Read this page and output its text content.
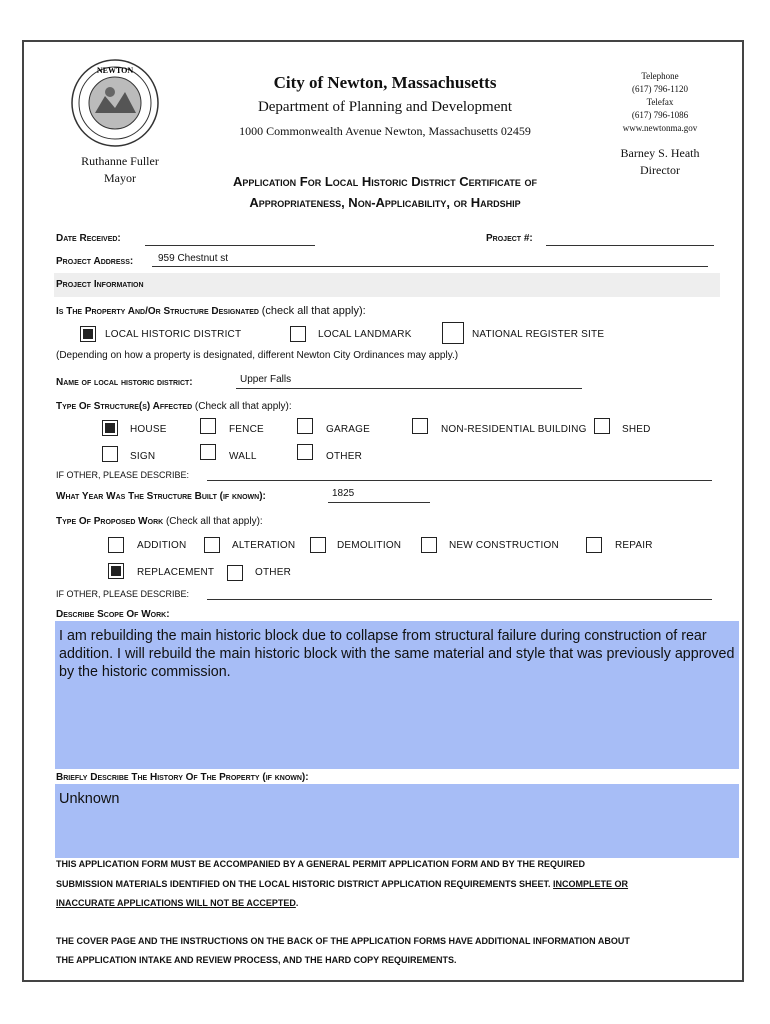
NEWTON
Ruthanne Fuller
Mayor
City of Newton, Massachusetts
Department of Planning and Development
1000 Commonwealth Avenue Newton, Massachusetts 02459
Telephone
(617) 796-1120
Telefax
(617) 796-1086
www.newtonma.gov
Barney S. Heath
Director
Application For Local Historic District Certificate of
Appropriateness, Non-Applicability, or Hardship
Date Received:	Project #:
Project Address: 959 Chestnut st
Project Information
Is The Property And/Or Structure Designated (check all that apply):
LOCAL HISTORIC DISTRICT	LOCAL LANDMARK	NATIONAL REGISTER SITE
(Depending on how a property is designated, different Newton City Ordinances may apply.)
Name of local historic district:	Upper Falls
Type Of Structure(s) Affected (Check all that apply):
HOUSE	FENCE	GARAGE	NON-RESIDENTIAL BUILDING	SHED
SIGN	WALL	OTHER
IF OTHER, PLEASE DESCRIBE:
What Year Was The Structure Built (if known):	1825
Type Of Proposed Work (Check all that apply):
ADDITION	ALTERATION	DEMOLITION	NEW CONSTRUCTION	REPAIR
REPLACEMENT	OTHER
IF OTHER, PLEASE DESCRIBE:
Describe Scope Of Work:
I am rebuilding the main historic block due to collapse from structural failure during construction of rear addition. I will rebuild the main historic block with the same material and style that was previously approved by the historic commission.
Briefly Describe The History Of The Property (if known):
Unknown
THIS APPLICATION FORM MUST BE ACCOMPANIED BY A GENERAL PERMIT APPLICATION FORM AND BY THE REQUIRED
SUBMISSION MATERIALS IDENTIFIED ON THE LOCAL HISTORIC DISTRICT APPLICATION REQUIREMENTS SHEET. INCOMPLETE OR
INACCURATE APPLICATIONS WILL NOT BE ACCEPTED.
THE COVER PAGE AND THE INSTRUCTIONS ON THE BACK OF THE APPLICATION FORMS HAVE ADDITIONAL INFORMATION ABOUT
THE APPLICATION INTAKE AND REVIEW PROCESS, AND THE HARD COPY REQUIREMENTS.
